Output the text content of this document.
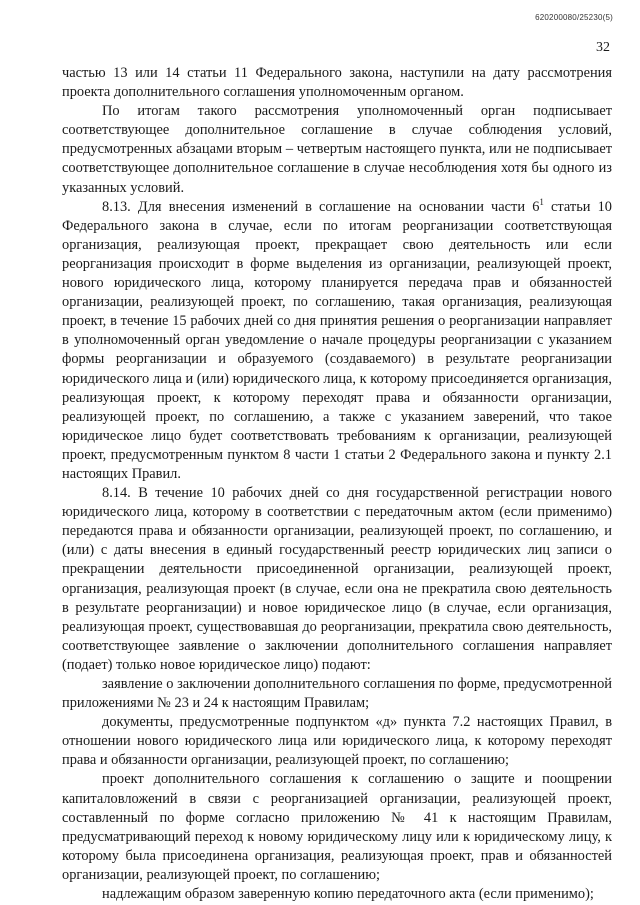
620200080/25230(5)
32

частью 13 или 14 статьи 11 Федерального закона, наступили на дату рассмотрения проекта дополнительного соглашения уполномоченным органом.

По итогам такого рассмотрения уполномоченный орган подписывает соответствующее дополнительное соглашение в случае соблюдения условий, предусмотренных абзацами вторым – четвертым настоящего пункта, или не подписывает соответствующее дополнительное соглашение в случае несоблюдения хотя бы одного из указанных условий.

8.13. Для внесения изменений в соглашение на основании части $6^1$ статьи 10 Федерального закона в случае, если по итогам реорганизации соответствующая организация, реализующая проект, прекращает свою деятельность или если реорганизация происходит в форме выделения из организации, реализующей проект, нового юридического лица, которому планируется передача прав и обязанностей организации, реализующей проект, по соглашению, такая организация, реализующая проект, в течение 15 рабочих дней со дня принятия решения о реорганизации направляет в уполномоченный орган уведомление о начале процедуры реорганизации с указанием формы реорганизации и образуемого (создаваемого) в результате реорганизации юридического лица и (или) юридического лица, к которому присоединяется организация, реализующая проект, к которому переходят права и обязанности организации, реализующей проект, по соглашению, а также с указанием заверений, что такое юридическое лицо будет соответствовать требованиям к организации, реализующей проект, предусмотренным пунктом 8 части 1 статьи 2 Федерального закона и пункту 2.1 настоящих Правил.

8.14. В течение 10 рабочих дней со дня государственной регистрации нового юридического лица, которому в соответствии с передаточным актом (если применимо) передаются права и обязанности организации, реализующей проект, по соглашению, и (или) с даты внесения в единый государственный реестр юридических лиц записи о прекращении деятельности присоединенной организации, реализующей проект, организация, реализующая проект (в случае, если она не прекратила свою деятельность в результате реорганизации) и новое юридическое лицо (в случае, если организация, реализующая проект, существовавшая до реорганизации, прекратила свою деятельность, соответствующее заявление о заключении дополнительного соглашения направляет (подает) только новое юридическое лицо) подают:

заявление о заключении дополнительного соглашения по форме, предусмотренной приложениями № 23 и 24 к настоящим Правилам;

документы, предусмотренные подпунктом «д» пункта 7.2 настоящих Правил, в отношении нового юридического лица или юридического лица, к которому переходят права и обязанности организации, реализующей проект, по соглашению;

проект дополнительного соглашения к соглашению о защите и поощрении капиталовложений в связи с реорганизацией организации, реализующей проект, составленный по форме согласно приложению № 41 к настоящим Правилам, предусматривающий переход к новому юридическому лицу или к юридическому лицу, к которому была присоединена организация, реализующая проект, прав и обязанностей организации, реализующей проект, по соглашению;

надлежащим образом заверенную копию передаточного акта (если применимо);
